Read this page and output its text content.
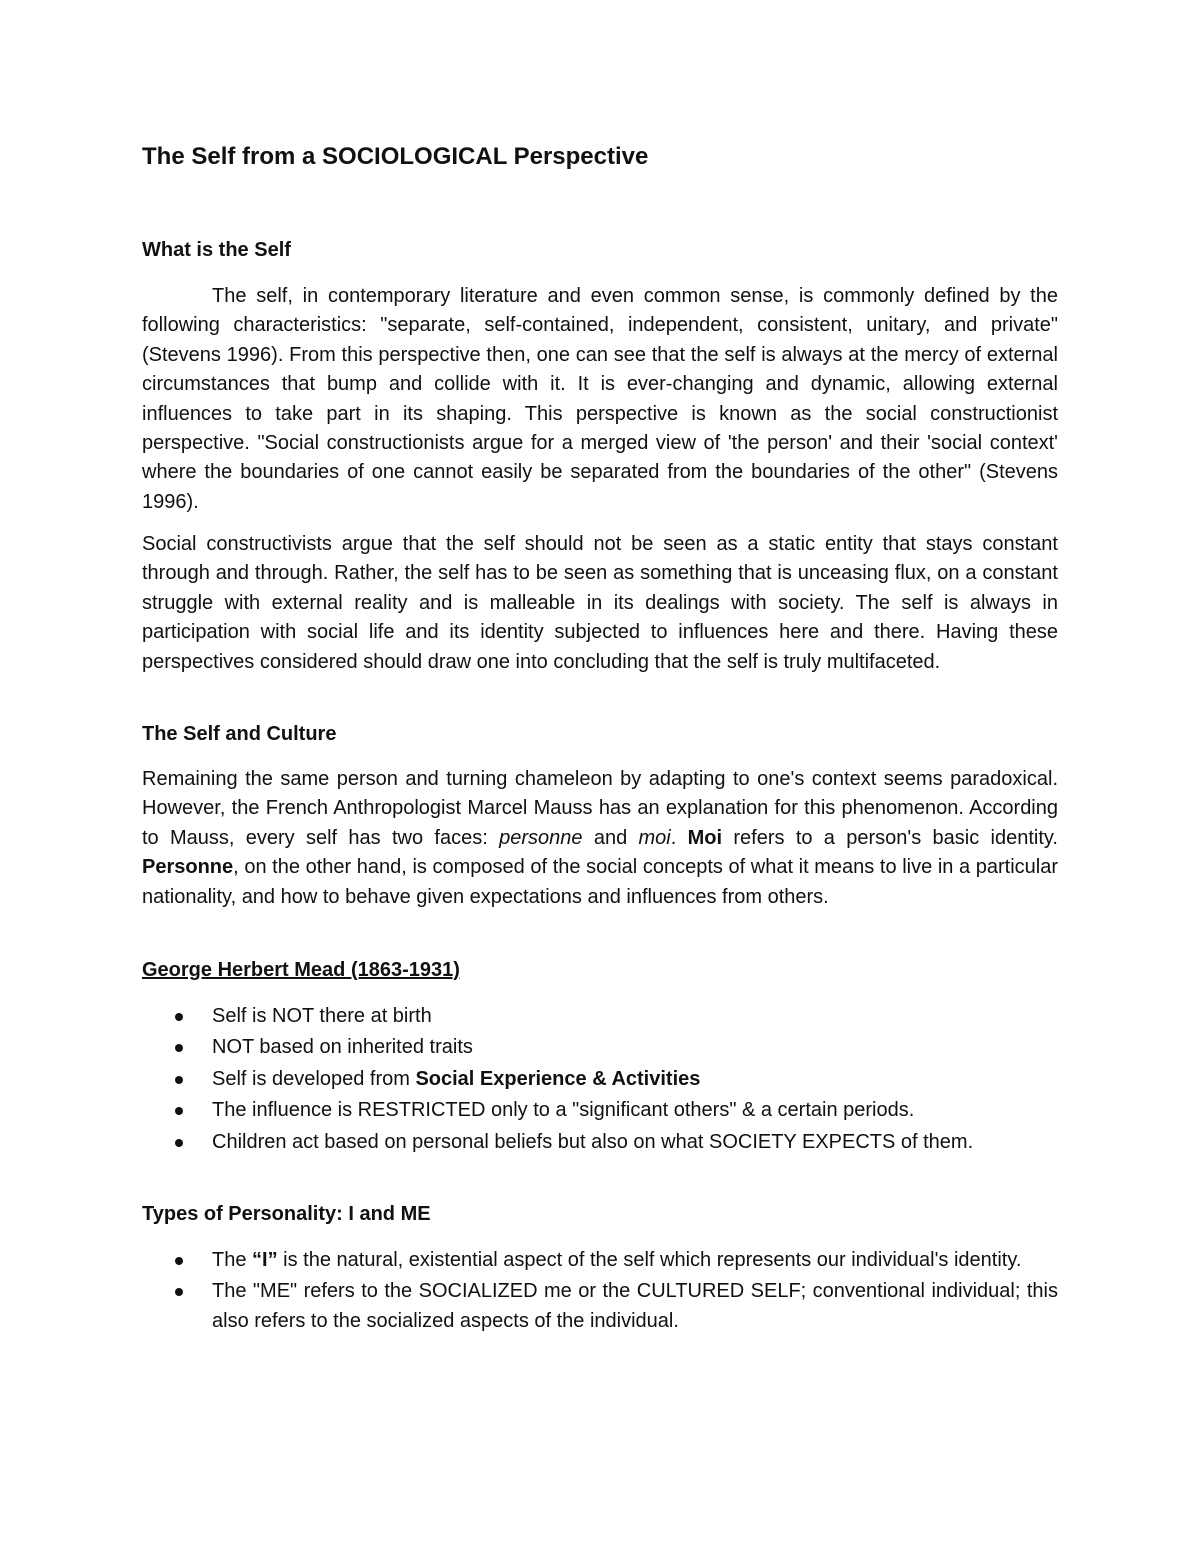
The Self from a SOCIOLOGICAL Perspective
What is the Self

The self, in contemporary literature and even common sense, is commonly defined by the following characteristics: "separate, self-contained, independent, consistent, unitary, and private" (Stevens 1996). From this perspective then, one can see that the self is always at the mercy of external circumstances that bump and collide with it. It is ever-changing and dynamic, allowing external influences to take part in its shaping. This perspective is known as the social constructionist perspective. "Social constructionists argue for a merged view of 'the person' and their 'social context' where the boundaries of one cannot easily be separated from the boundaries of the other" (Stevens 1996).

Social constructivists argue that the self should not be seen as a static entity that stays constant through and through. Rather, the self has to be seen as something that is unceasing flux, on a constant struggle with external reality and is malleable in its dealings with society. The self is always in participation with social life and its identity subjected to influences here and there. Having these perspectives considered should draw one into concluding that the self is truly multifaceted.

The Self and Culture

Remaining the same person and turning chameleon by adapting to one's context seems paradoxical. However, the French Anthropologist Marcel Mauss has an explanation for this phenomenon. According to Mauss, every self has two faces: personne and moi. Moi refers to a person's basic identity. Personne, on the other hand, is composed of the social concepts of what it means to live in a particular nationality, and how to behave given expectations and influences from others.

George Herbert Mead (1863-1931)
Self is NOT there at birth
NOT based on inherited traits
Self is developed from Social Experience & Activities
The influence is RESTRICTED only to a "significant others" & a certain periods.
Children act based on personal beliefs but also on what SOCIETY EXPECTS of them.
Types of Personality: I and ME
The “I” is the natural, existential aspect of the self which represents our individual's identity.
The "ME" refers to the SOCIALIZED me or the CULTURED SELF; conventional individual; this also refers to the socialized aspects of the individual.
